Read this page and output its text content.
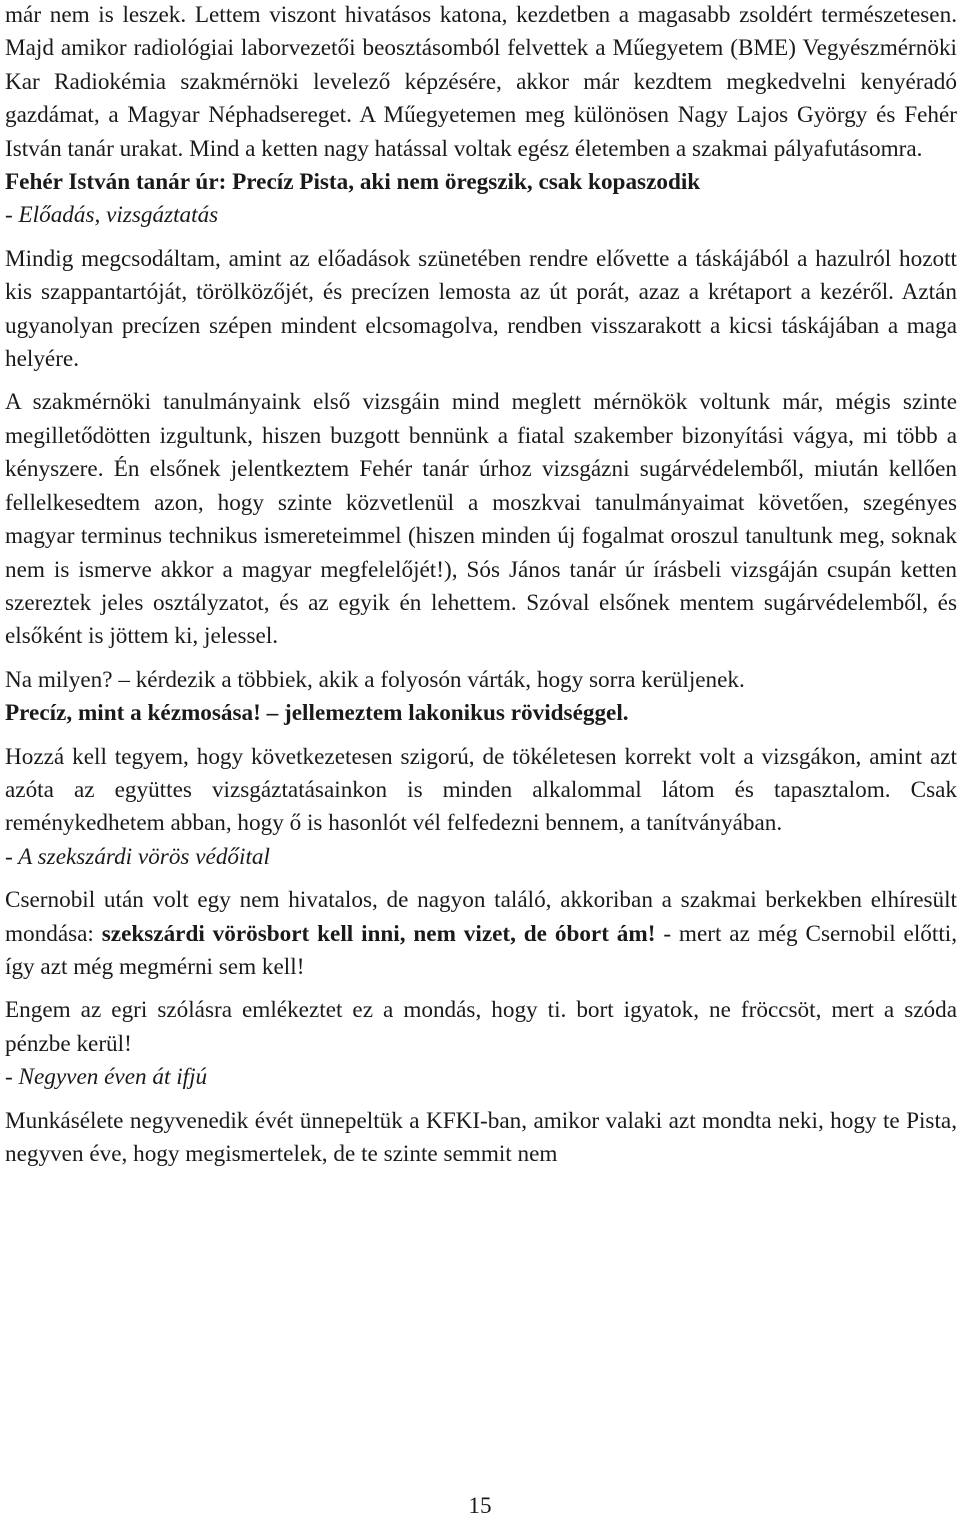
már nem is leszek. Lettem viszont hivatásos katona, kezdetben a magasabb zsoldért természetesen. Majd amikor radiológiai laborvezetői beosztásomból felvettek a Műegyetem (BME) Vegyészmérnöki Kar Radiokémia szakmérnöki levelező képzésére, akkor már kezdtem megkedvelni kenyéradó gazdámat, a Magyar Néphadsereget. A Műegyetemen meg különösen Nagy Lajos György és Fehér István tanár urakat. Mind a ketten nagy hatással voltak egész életemben a szakmai pályafutásomra.

Fehér István tanár úr: Precíz Pista, aki nem öregszik, csak kopaszodik

- Előadás, vizsgáztatás

Mindig megcsodáltam, amint az előadások szünetében rendre elővette a táskájából a hazulról hozott kis szappantartóját, törölközőjét, és precízen lemosta az út porát, azaz a krétaport a kezéről. Aztán ugyanolyan precízen szépen mindent elcsomagolva, rendben visszarakott a kicsi táskájában a maga helyére.

A szakmérnöki tanulmányaink első vizsgáin mind meglett mérnökök voltunk már, mégis szinte megilletődötten izgultunk, hiszen buzgott bennünk a fiatal szakember bizonyítási vágya, mi több a kényszere. Én elsőnek jelentkeztem Fehér tanár úrhoz vizsgázni sugárvédelemből, miután kellően fellelkesedtem azon, hogy szinte közvetlenül a moszkvai tanulmányaimat követően, szegényes magyar terminus technikus ismereteimmel (hiszen minden új fogalmat oroszul tanultunk meg, soknak nem is ismerve akkor a magyar megfelelőjét!), Sós János tanár úr írásbeli vizsgáján csupán ketten szereztek jeles osztályzatot, és az egyik én lehettem. Szóval elsőnek mentem sugárvédelemből, és elsőként is jöttem ki, jelessel.

Na milyen? – kérdezik a többiek, akik a folyosón várták, hogy sorra kerüljenek.

Precíz, mint a kézmosása! – jellemeztem lakonikus rövidséggel.

Hozzá kell tegyem, hogy következetesen szigorú, de tökéletesen korrekt volt a vizsgákon, amint azt azóta az együttes vizsgáztatásainkon is minden alkalommal látom és tapasztalom. Csak reménykedhetem abban, hogy ő is hasonlót vél felfedezni bennem, a tanítványában.

- A szekszárdi vörös védőital

Csernobil után volt egy nem hivatalos, de nagyon találó, akkoriban a szakmai berkekben elhíresült mondása: szekszárdi vörösbort kell inni, nem vizet, de óbort ám! - mert az még Csernobil előtti, így azt még megmérni sem kell!

Engem az egri szólásra emlékeztet ez a mondás, hogy ti. bort igyatok, ne fröccsöt, mert a szóda pénzbe kerül!

- Negyven éven át ifjú

Munkásélete negyvenedik évét ünnepeltük a KFKI-ban, amikor valaki azt mondta neki, hogy te Pista, negyven éve, hogy megismertelek, de te szinte semmit nem

15
